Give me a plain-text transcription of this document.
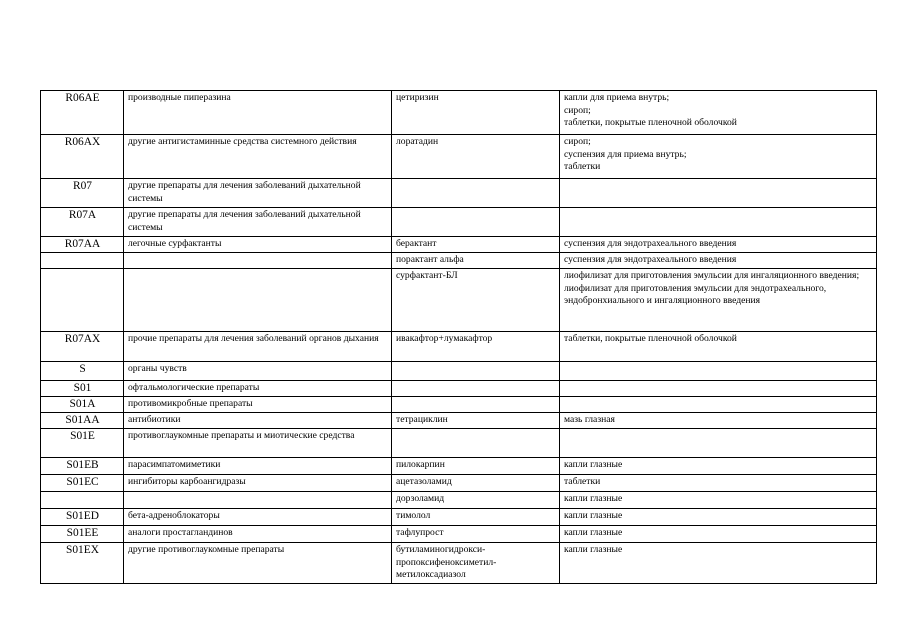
R06AE	производные пиперазина	цетиризин	капли для приема внутрь;
сироп;
таблетки, покрытые пленочной оболочкой
R06AX	другие антигистаминные средства системного действия	лоратадин	сироп;
суспензия для приема внутрь;
таблетки
R07	другие препараты для лечения заболеваний дыхательной системы		
R07A	другие препараты для лечения заболеваний дыхательной системы		
R07AA	легочные сурфактанты	берактант	суспензия для эндотрахеального введения
		порактант альфа	суспензия для эндотрахеального введения
		сурфактант-БЛ	лиофилизат для приготовления эмульсии для ингаляционного введения;
лиофилизат для приготовления эмульсии для эндотрахеального, эндобронхиального и ингаляционного введения
R07AX	прочие препараты для лечения заболеваний органов дыхания	ивакафтор+лумакафтор	таблетки, покрытые пленочной оболочкой
S	органы чувств		
S01	офтальмологические препараты		
S01A	противомикробные препараты		
S01AA	антибиотики	тетрациклин	мазь глазная
S01E	противоглаукомные препараты и миотические средства		
S01EB	парасимпатомиметики	пилокарпин	капли глазные
S01EC	ингибиторы карбоангидразы	ацетазоламид	таблетки
		дорзоламид	капли глазные
S01ED	бета-адреноблокаторы	тимолол	капли глазные
S01EE	аналоги простагландинов	тафлупрост	капли глазные
S01EX	другие противоглаукомные препараты	бутиламиногидрокси-
пропоксифеноксиметил-
метилоксадиазол	капли глазные
